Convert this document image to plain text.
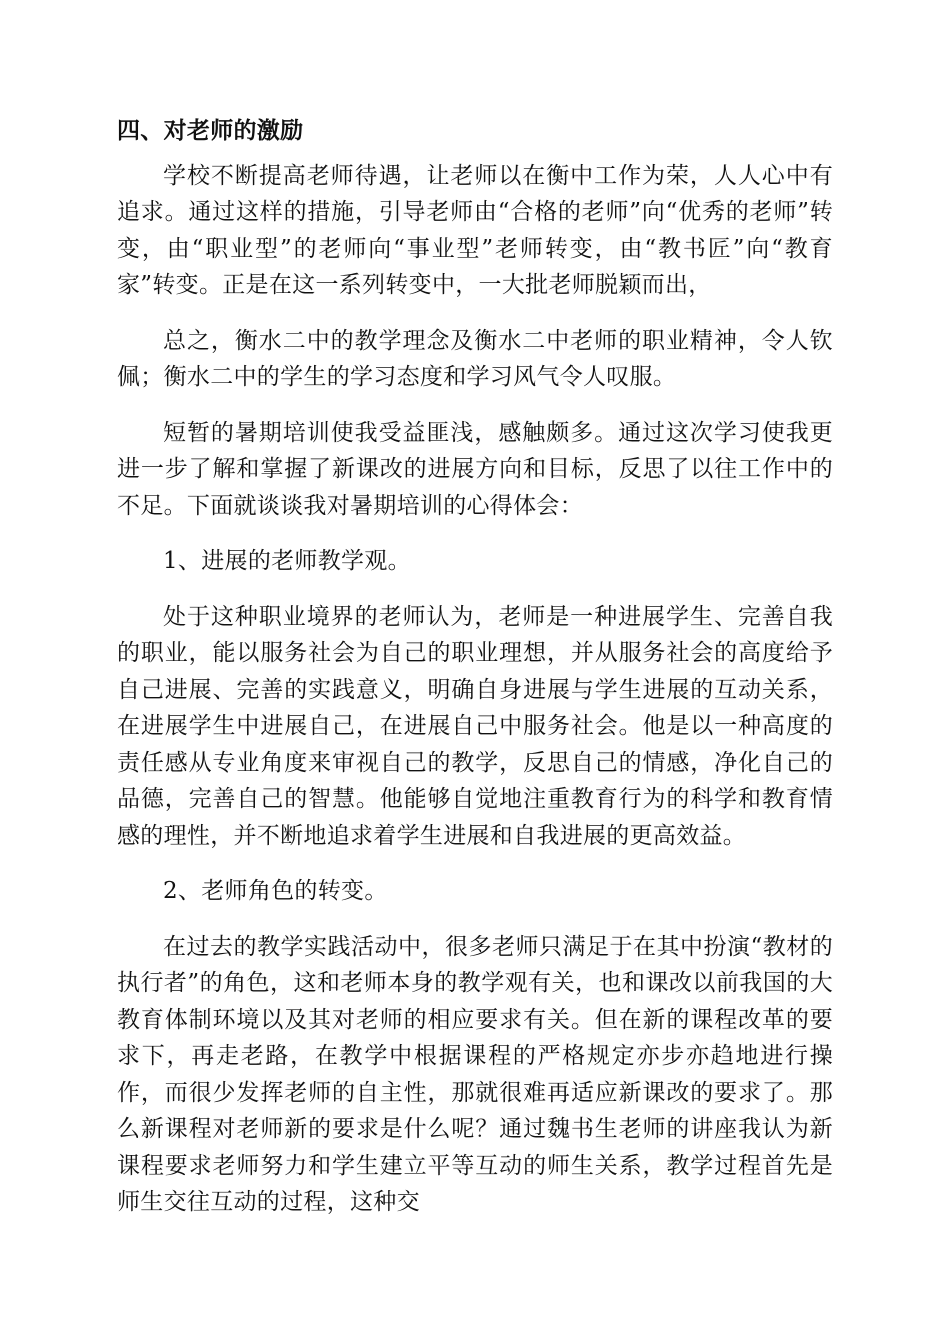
四、对老师的激励

学校不断提高老师待遇，让老师以在衡中工作为荣，人人心中有追求。通过这样的措施，引导老师由“合格的老师”向“优秀的老师”转变，由“职业型”的老师向“事业型”老师转变，由“教书匠”向“教育家”转变。正是在这一系列转变中，一大批老师脱颖而出，

总之，衡水二中的教学理念及衡水二中老师的职业精神，令人钦佩；衡水二中的学生的学习态度和学习风气令人叹服。

短暂的暑期培训使我受益匪浅，感触颇多。通过这次学习使我更进一步了解和掌握了新课改的进展方向和目标，反思了以往工作中的不足。下面就谈谈我对暑期培训的心得体会：

1、进展的老师教学观。

处于这种职业境界的老师认为，老师是一种进展学生、完善自我的职业，能以服务社会为自己的职业理想，并从服务社会的高度给予自己进展、完善的实践意义，明确自身进展与学生进展的互动关系，在进展学生中进展自己，在进展自己中服务社会。他是以一种高度的责任感从专业角度来审视自己的教学，反思自己的情感，净化自己的品德，完善自己的智慧。他能够自觉地注重教育行为的科学和教育情感的理性，并不断地追求着学生进展和自我进展的更高效益。

2、老师角色的转变。

在过去的教学实践活动中，很多老师只满足于在其中扮演“教材的执行者”的角色，这和老师本身的教学观有关，也和课改以前我国的大教育体制环境以及其对老师的相应要求有关。但在新的课程改革的要求下，再走老路，在教学中根据课程的严格规定亦步亦趋地进行操作，而很少发挥老师的自主性，那就很难再适应新课改的要求了。那么新课程对老师新的要求是什么呢？通过魏书生老师的讲座我认为新课程要求老师努力和学生建立平等互动的师生关系，教学过程首先是师生交往互动的过程，这种交
